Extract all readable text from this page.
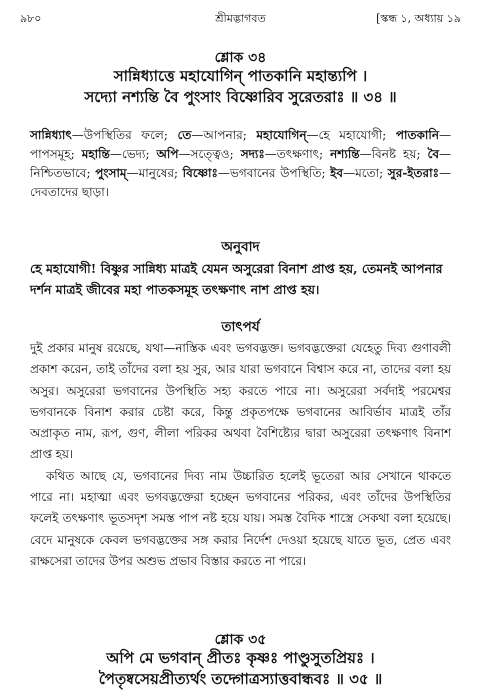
৯৮০	শ্রীমদ্ভাগবত	[স্কন্ধ ১, অধ্যায় ১৯
শ্লোক ৩৪
সান্নিধ্যাত্তে মহাযোগিন্ পাতকানি মহান্ত্যপি ।
সদ্যো নশ্যন্তি বৈ পুংসাং বিষ্ণোরিব সুরেতরাঃ ॥ ৩৪ ॥
সান্নিধ্যাৎ—উপস্থিতির ফলে; তে—আপনার; মহাযোগিন্—হে মহাযোগী; পাতকানি—পাপসমূহ; মহান্তি—ভেদ্য; অপি—সত্ত্বেও; সদ্যঃ—তৎক্ষণাৎ; নশ্যন্তি—বিনষ্ট হয়; বৈ—নিশ্চিতভাবে; পুংসাম্—মানুষের; বিষ্ণোঃ—ভগবানের উপস্থিতি; ইব—মতো; সুর-ইতরাঃ—দেবতাদের ছাড়া।
অনুবাদ
হে মহাযোগী! বিষ্ণুর সান্নিধ্য মাত্রই যেমন অসুরেরা বিনাশ প্রাপ্ত হয়, তেমনই আপনার দর্শন মাত্রই জীবের মহা পাতকসমূহ তৎক্ষণাৎ নাশ প্রাপ্ত হয়।
তাৎপর্য

দুই প্রকার মানুষ রয়েছে, যথা—নাস্তিক এবং ভগবদ্ভক্ত। ভগবদ্ভক্তেরা যেহেতু দিব্য গুণাবলী প্রকাশ করেন, তাই তাঁদের বলা হয় সুর, আর যারা ভগবানে বিশ্বাস করে না, তাদের বলা হয় অসুর। অসুরেরা ভগবানের উপস্থিতি সহ্য করতে পারে না। অসুরেরা সর্বদাই পরমেশ্বর ভগবানকে বিনাশ করার চেষ্টা করে, কিন্তু প্রকৃতপক্ষে ভগবানের আবির্ভাব মাত্রই তাঁর অপ্রাকৃত নাম, রূপ, গুণ, লীলা পরিকর অথবা বৈশিষ্ট্যের দ্বারা অসুরেরা তৎক্ষণাৎ বিনাশ প্রাপ্ত হয়।

কথিত আছে যে, ভগবানের দিব্য নাম উচ্চারিত হলেই ভূতেরা আর সেখানে থাকতে পারে না। মহাত্মা এবং ভগবদ্ভক্তেরা হচ্ছেন ভগবানের পরিকর, এবং তাঁদের উপস্থিতির ফলেই তৎক্ষণাৎ ভূতসদৃশ সমস্ত পাপ নষ্ট হয়ে যায়। সমস্ত বৈদিক শাস্ত্রে সেকথা বলা হয়েছে। বেদে মানুষকে কেবল ভগবদ্ভক্তের সঙ্গ করার নির্দেশ দেওয়া হয়েছে যাতে ভূত, প্রেত এবং রাক্ষসেরা তাদের উপর অশুভ প্রভাব বিস্তার করতে না পারে।

শ্লোক ৩৫
অপি মে ভগবান্ প্রীতঃ কৃষ্ণঃ পাণ্ডুসুতপ্রিয়ঃ ।
পৈতৃষ্বসেয়প্রীত্যর্থং তদ্গোত্রস্যাত্তবান্ধবঃ ॥ ৩৫ ॥
